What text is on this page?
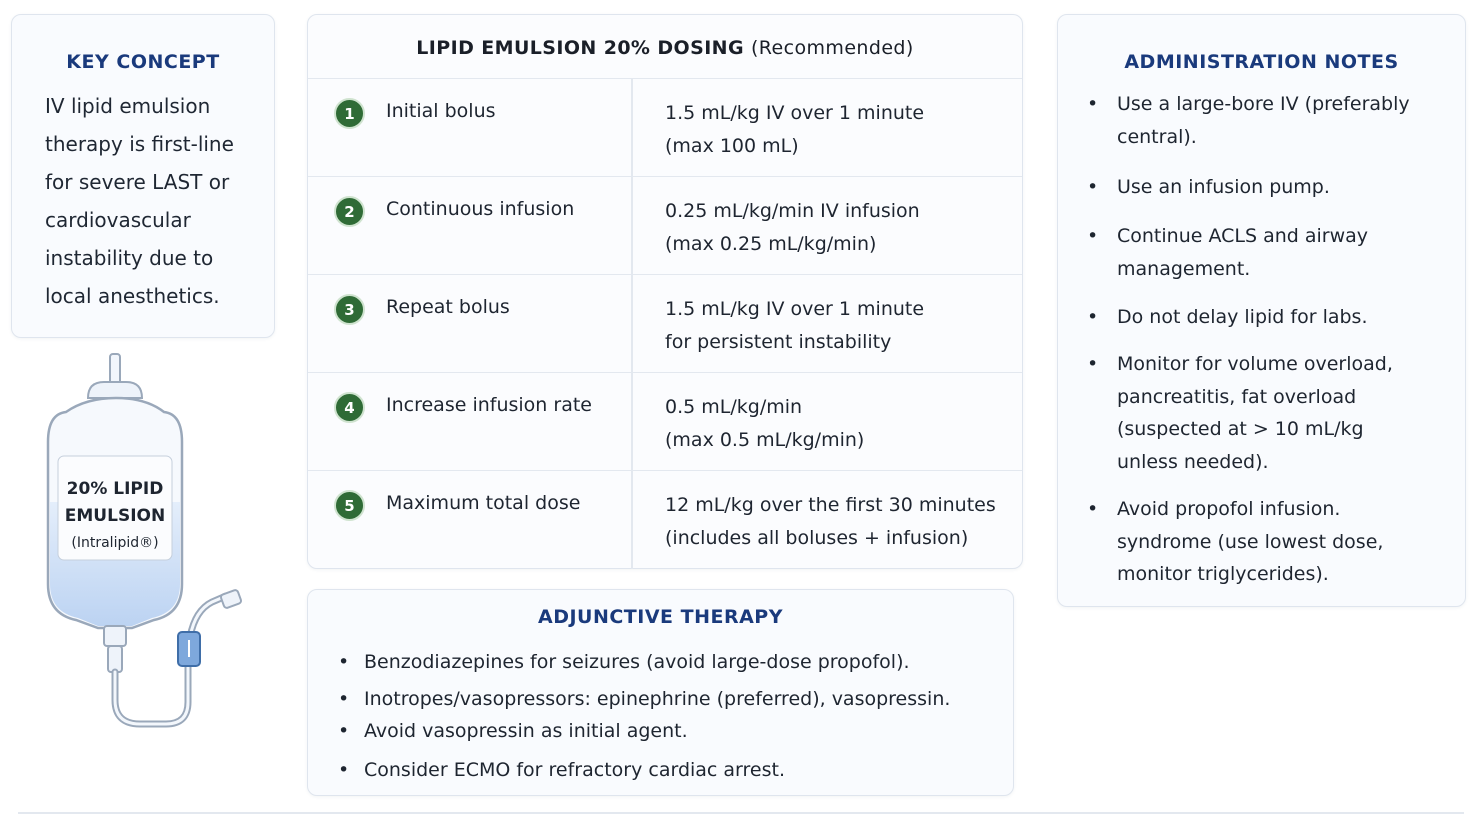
KEY CONCEPT
IV lipid emulsion
therapy is first-line
for severe LAST or
cardiovascular
instability due to
local anesthetics.
20% LIPID
EMULSION
(Intralipid®)
LIPID EMULSION 20% DOSING (Recommended)
1	Initial bolus	1.5 mL/kg IV over 1 minute
(max 100 mL)
2	Continuous infusion	0.25 mL/kg/min IV infusion
(max 0.25 mL/kg/min)
3	Repeat bolus	1.5 mL/kg IV over 1 minute
for persistent instability
4	Increase infusion rate	0.5 mL/kg/min
(max 0.5 mL/kg/min)
5	Maximum total dose	12 mL/kg over the first 30 minutes
(includes all boluses + infusion)
ADJUNCTIVE THERAPY
• Benzodiazepines for seizures (avoid large-dose propofol).
• Inotropes/vasopressors: epinephrine (preferred), vasopressin.
• Avoid vasopressin as initial agent.
• Consider ECMO for refractory cardiac arrest.
ADMINISTRATION NOTES
• Use a large-bore IV (preferably
central).
• Use an infusion pump.
• Continue ACLS and airway
management.
• Do not delay lipid for labs.
• Monitor for volume overload,
pancreatitis, fat overload
(suspected at > 10 mL/kg
unless needed).
• Avoid propofol infusion.
syndrome (use lowest dose,
monitor triglycerides).
